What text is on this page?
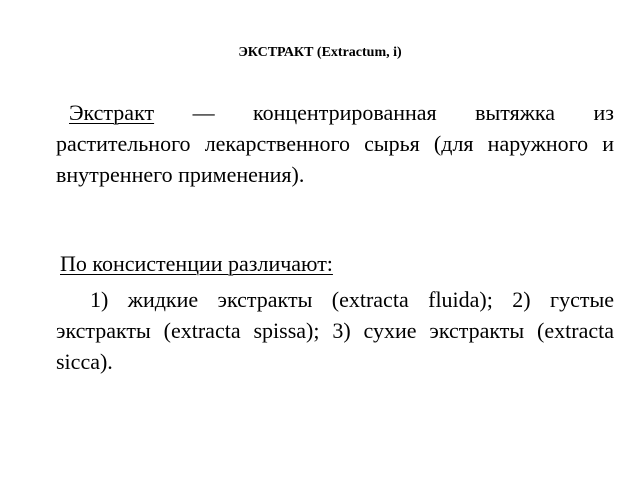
ЭКСТРАКТ (Extractum, i)
Экстракт — концентрированная вытяжка из растительного лекарственного сырья (для наружного и внутреннего применения).
По консистенции различают:
1) жидкие экстракты (extracta fluida); 2) густые экстракты (extracta spissa); 3) сухие экстракты (extracta sicca).
